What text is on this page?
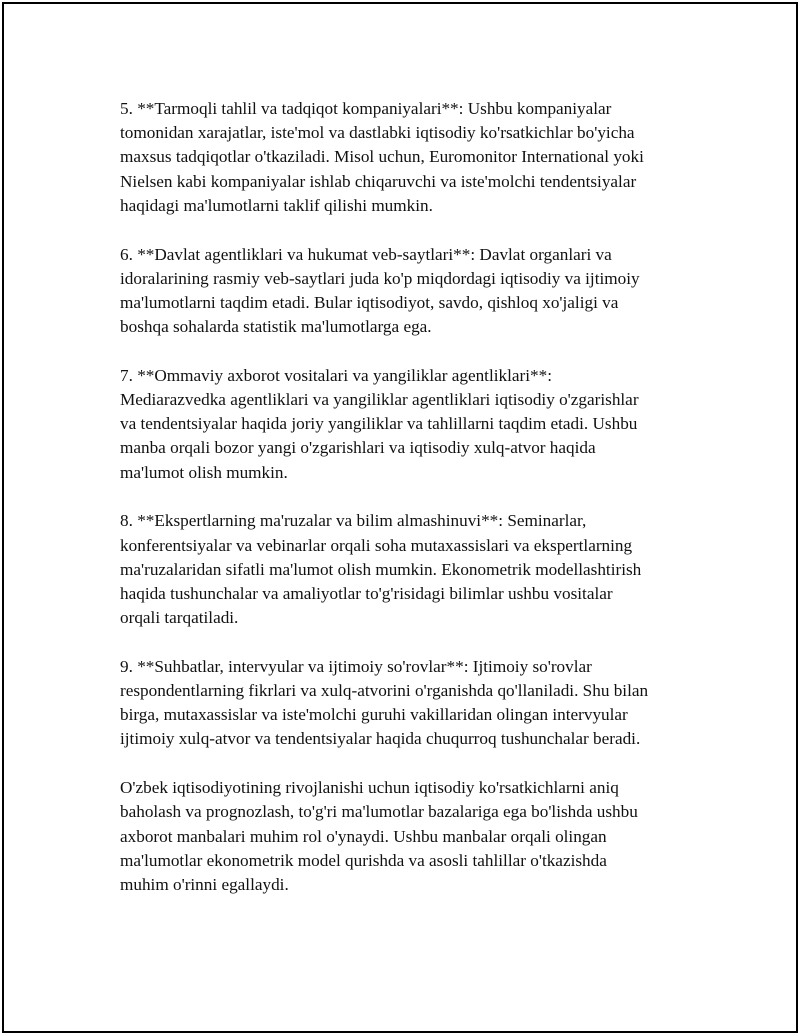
5. **Tarmoqli tahlil va tadqiqot kompaniyalari**: Ushbu kompaniyalar
tomonidan xarajatlar, iste'mol va dastlabki iqtisodiy ko'rsatkichlar bo'yicha
maxsus tadqiqotlar o'tkaziladi. Misol uchun, Euromonitor International yoki
Nielsen kabi kompaniyalar ishlab chiqaruvchi va iste'molchi tendentsiyalar
haqidagi ma'lumotlarni taklif qilishi mumkin.

6. **Davlat agentliklari va hukumat veb-saytlari**: Davlat organlari va
idoralarining rasmiy veb-saytlari juda ko'p miqdordagi iqtisodiy va ijtimoiy
ma'lumotlarni taqdim etadi. Bular iqtisodiyot, savdo, qishloq xo'jaligi va
boshqa sohalarda statistik ma'lumotlarga ega.

7. **Ommaviy axborot vositalari va yangiliklar agentliklari**:
Mediarazvedka agentliklari va yangiliklar agentliklari iqtisodiy o'zgarishlar
va tendentsiyalar haqida joriy yangiliklar va tahlillarni taqdim etadi. Ushbu
manba orqali bozor yangi o'zgarishlari va iqtisodiy xulq-atvor haqida
ma'lumot olish mumkin.

8. **Ekspertlarning ma'ruzalar va bilim almashinuvi**: Seminarlar,
konferentsiyalar va vebinarlar orqali soha mutaxassislari va ekspertlarning
ma'ruzalaridan sifatli ma'lumot olish mumkin. Ekonometrik modellashtirish
haqida tushunchalar va amaliyotlar to'g'risidagi bilimlar ushbu vositalar
orqali tarqatiladi.

9. **Suhbatlar, intervyular va ijtimoiy so'rovlar**: Ijtimoiy so'rovlar
respondentlarning fikrlari va xulq-atvorini o'rganishda qo'llaniladi. Shu bilan
birga, mutaxassislar va iste'molchi guruhi vakillaridan olingan intervyular
ijtimoiy xulq-atvor va tendentsiyalar haqida chuqurroq tushunchalar beradi.

O'zbek iqtisodiyotining rivojlanishi uchun iqtisodiy ko'rsatkichlarni aniq
baholash va prognozlash, to'g'ri ma'lumotlar bazalariga ega bo'lishda ushbu
axborot manbalari muhim rol o'ynaydi. Ushbu manbalar orqali olingan
ma'lumotlar ekonometrik model qurishda va asosli tahlillar o'tkazishda
muhim o'rinni egallaydi.
